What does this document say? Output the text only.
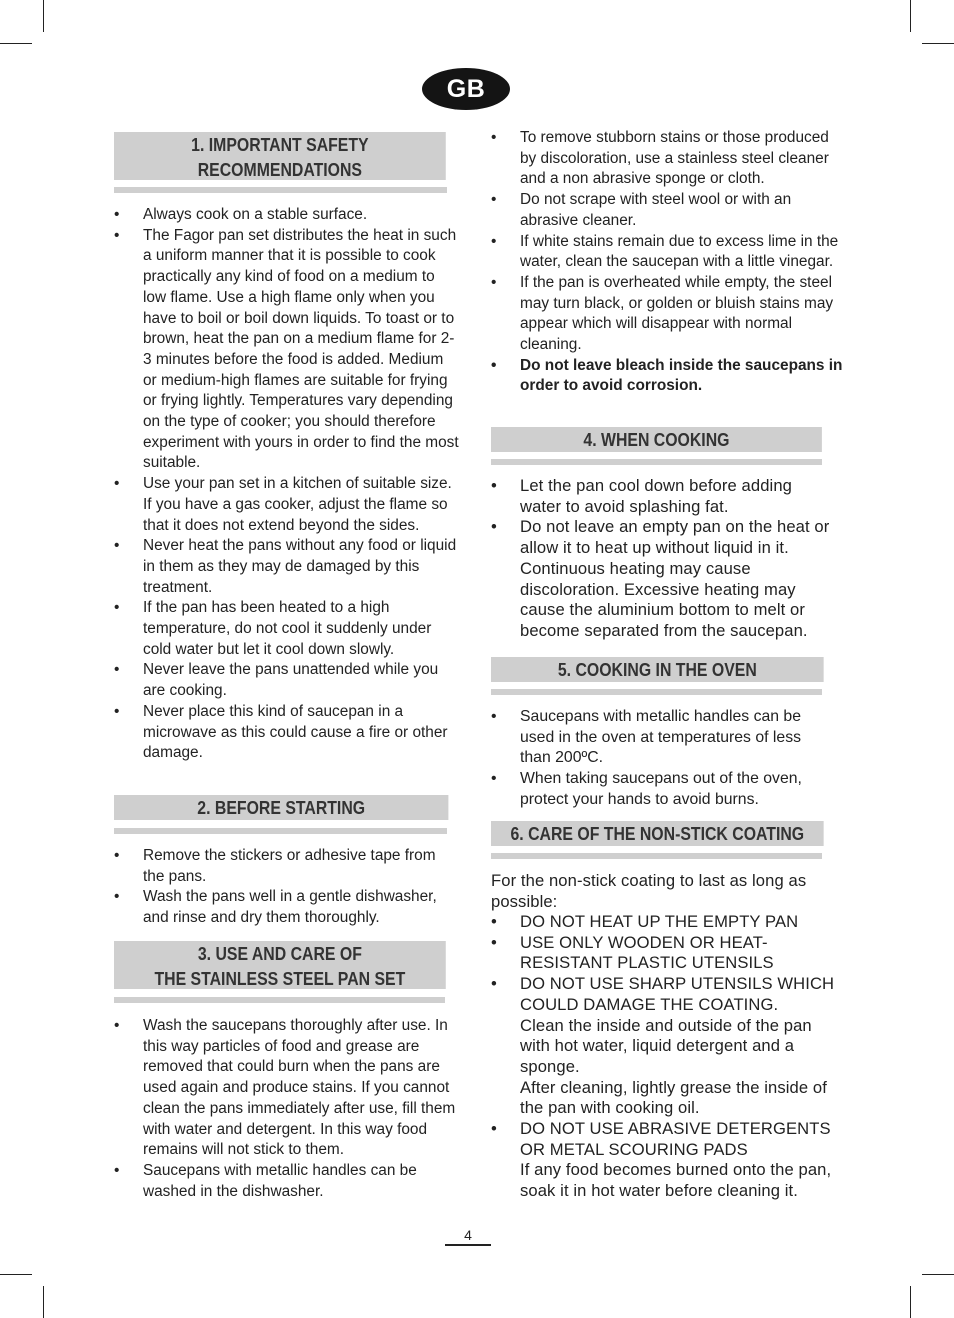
GB
1. IMPORTANT SAFETY
RECOMMENDATIONS
• Always cook on a stable surface.
• The Fagor pan set distributes the heat in such a uniform manner that it is possible to cook practically any kind of food on a medium to low flame. Use a high flame only when you have to boil or boil down liquids. To toast or to brown, heat the pan on a medium flame for 2-3 minutes before the food is added. Medium or medium-high flames are suitable for frying or frying lightly. Temperatures vary depending on the type of cooker; you should therefore experiment with yours in order to find the most suitable.
• Use your pan set in a kitchen of suitable size. If you have a gas cooker, adjust the flame so that it does not extend beyond the sides.
• Never heat the pans without any food or liquid in them as they may de damaged by this treatment.
• If the pan has been heated to a high temperature, do not cool it suddenly under cold water but let it cool down slowly.
• Never leave the pans unattended while you are cooking.
• Never place this kind of saucepan in a microwave as this could cause a fire or other damage.
2. BEFORE STARTING
• Remove the stickers or adhesive tape from the pans.
• Wash the pans well in a gentle dishwasher, and rinse and dry them thoroughly.
3. USE AND CARE OF
THE STAINLESS STEEL PAN SET
• Wash the saucepans thoroughly after use. In this way particles of food and grease are removed that could burn when the pans are used again and produce stains. If you cannot clean the pans immediately after use, fill them with water and detergent. In this way food remains will not stick to them.
• Saucepans with metallic handles can be washed in the dishwasher.
• To remove stubborn stains or those produced by discoloration, use a stainless steel cleaner and a non abrasive sponge or cloth.
• Do not scrape with steel wool or with an abrasive cleaner.
• If white stains remain due to excess lime in the water, clean the saucepan with a little vinegar.
• If the pan is overheated while empty, the steel may turn black, or golden or bluish stains may appear which will disappear with normal cleaning.
• Do not leave bleach inside the saucepans in order to avoid corrosion.
4. WHEN COOKING
• Let the pan cool down before adding water to avoid splashing fat.
• Do not leave an empty pan on the heat or allow it to heat up without liquid in it. Continuous heating may cause discoloration. Excessive heating may cause the aluminium bottom to melt or become separated from the saucepan.
5. COOKING IN THE OVEN
• Saucepans with metallic handles can be used in the oven at temperatures of less than 200ºC.
• When taking saucepans out of the oven, protect your hands to avoid burns.
6. CARE OF THE NON-STICK COATING

For the non-stick coating to last as long as possible:

• DO NOT HEAT UP THE EMPTY PAN
• USE ONLY WOODEN OR HEAT-RESISTANT PLASTIC UTENSILS
• DO NOT USE SHARP UTENSILS WHICH COULD DAMAGE THE COATING.
Clean the inside and outside of the pan with hot water, liquid detergent and a sponge.
After cleaning, lightly grease the inside of the pan with cooking oil.
• DO NOT USE ABRASIVE DETERGENTS OR METAL SCOURING PADS
If any food becomes burned onto the pan, soak it in hot water before cleaning it.
4
